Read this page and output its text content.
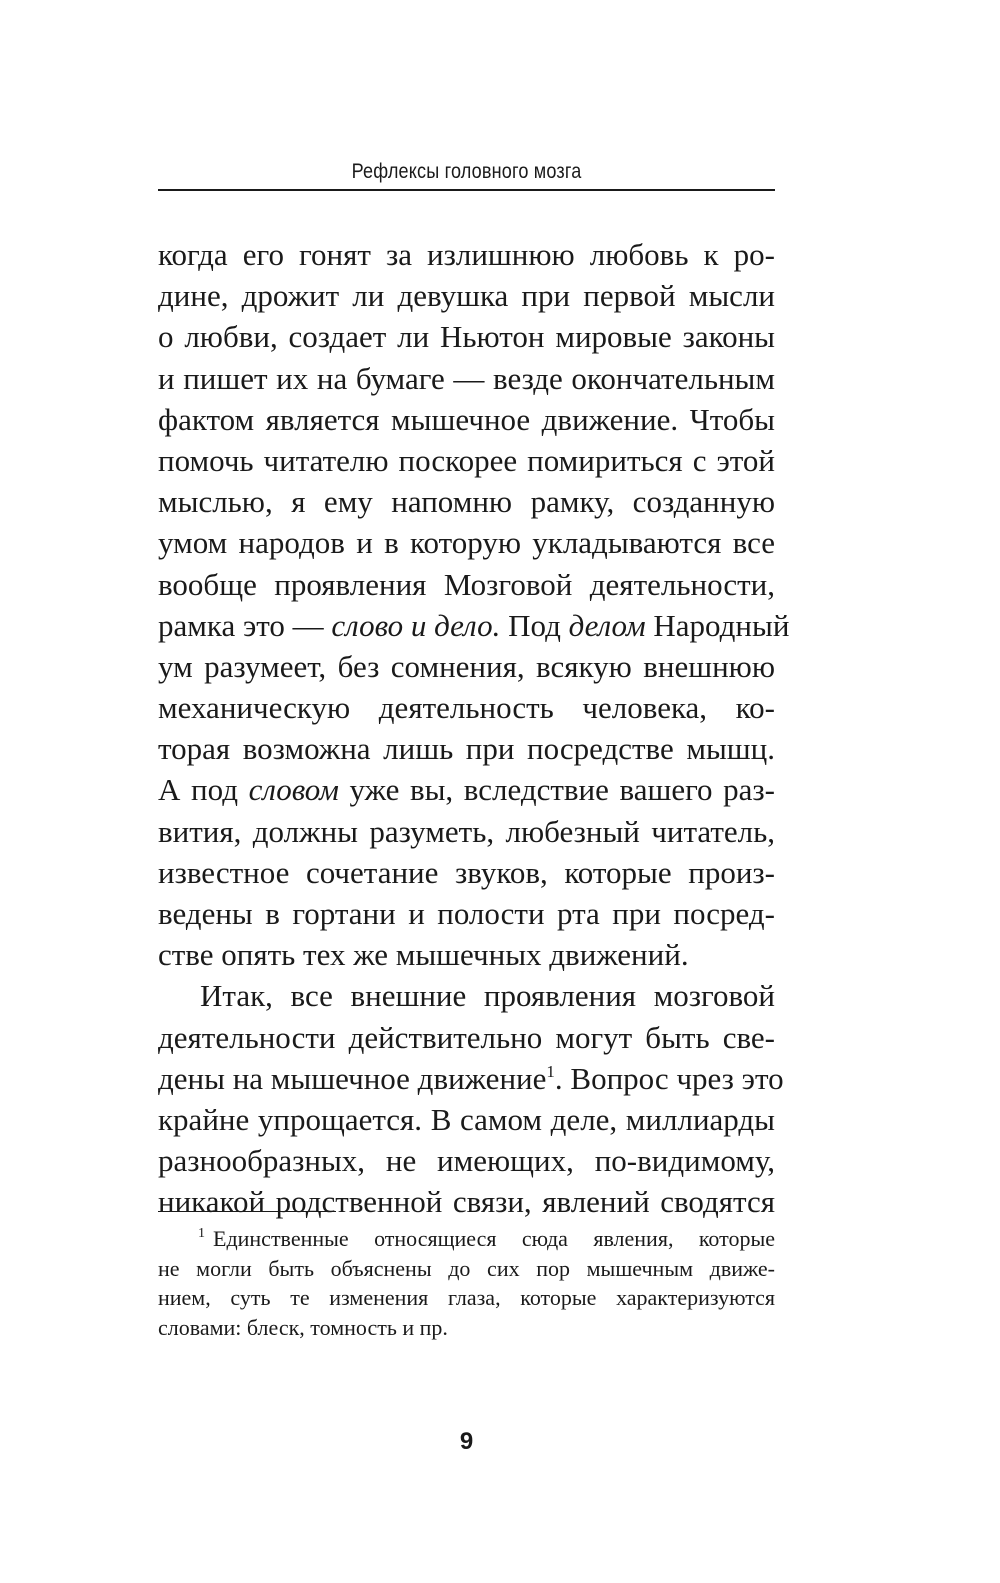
Рефлексы головного мозга
когда его гонят за излишнюю любовь к ро-
дине, дрожит ли девушка при первой мысли
о любви, создает ли Ньютон мировые законы
и пишет их на бумаге — везде окончательным
фактом является мышечное движение. Чтобы
помочь читателю поскорее помириться с этой
мыслью, я ему напомню рамку, созданную
умом народов и в которую укладываются все
вообще проявления Мозговой деятельности,
рамка это — слово и дело. Под делом Народный
ум разумеет, без сомнения, всякую внешнюю
механическую деятельность человека, ко-
торая возможна лишь при посредстве мышц.
А под словом уже вы, вследствие вашего раз-
вития, должны разуметь, любезный читатель,
известное сочетание звуков, которые произ-
ведены в гортани и полости рта при посред-
стве опять тех же мышечных движений.
Итак, все внешние проявления мозговой
деятельности действительно могут быть све-
дены на мышечное движение$^1$. Вопрос чрез это
крайне упрощается. В самом деле, миллиарды
разнообразных, не имеющих, по-видимому,
никакой родственной связи, явлений сводятся
$^1$ Единственные относящиеся сюда явления, которые
не могли быть объяснены до сих пор мышечным движе-
нием, суть те изменения глаза, которые характеризуются
словами: блеск, томность и пр.
9
